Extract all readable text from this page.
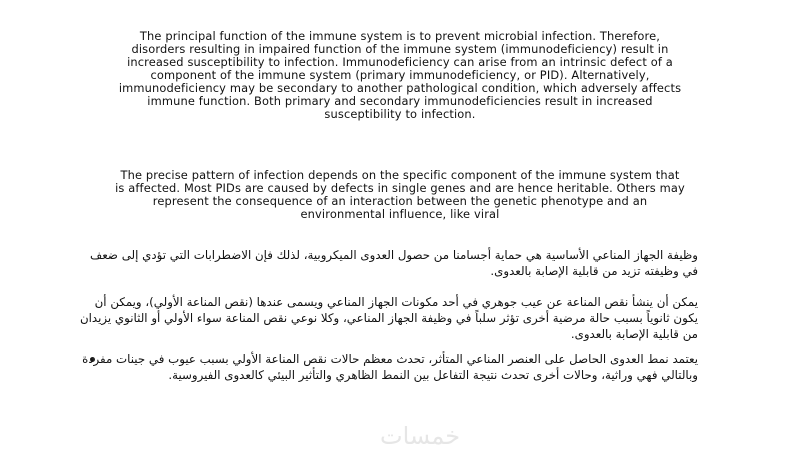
The principal function of the immune system is to prevent microbial infection. Therefore, disorders resulting in impaired function of the immune system (immunodeficiency) result in increased susceptibility to infection. Immunodeficiency can arise from an intrinsic defect of a component of the immune system (primary immunodeficiency, or PID). Alternatively, immunodeficiency may be secondary to another pathological condition, which adversely affects immune function. Both primary and secondary immunodeficiencies result in increased susceptibility to infection.

The precise pattern of infection depends on the specific component of the immune system that is affected. Most PIDs are caused by defects in single genes and are hence heritable. Others may represent the consequence of an interaction between the genetic phenotype and an environmental influence, like viral

وظيفة الجهاز المناعي الأساسية هي حماية أجسامنا من حصول العدوى الميكروبية، لذلك فإن الاضطرابات التي تؤدي إلى ضعف في وظيفته تزيد من قابلية الإصابة بالعدوى.

يمكن أن ينشأ نقص المناعة عن عيب جوهري في أحد مكونات الجهاز المناعي ويسمى عندها (نقص المناعة الأولي)، ويمكن أن يكون ثانوياً بسبب حالة مرضية أخرى تؤثر سلباً في وظيفة الجهاز المناعي، وكلا نوعي نقص المناعة سواء الأولي أو الثانوي يزيدان من قابلية الإصابة بالعدوى.

يعتمد نمط العدوى الحاصل على العنصر المناعي المتأثر، تحدث معظم حالات نقص المناعة الأولي بسبب عيوب في جينات مفردة وبالتالي فهي وراثية، وحالات أخرى تحدث نتيجة التفاعل بين النمط الظاهري والتأثير البيئي كالعدوى الفيروسية.

خمسات
